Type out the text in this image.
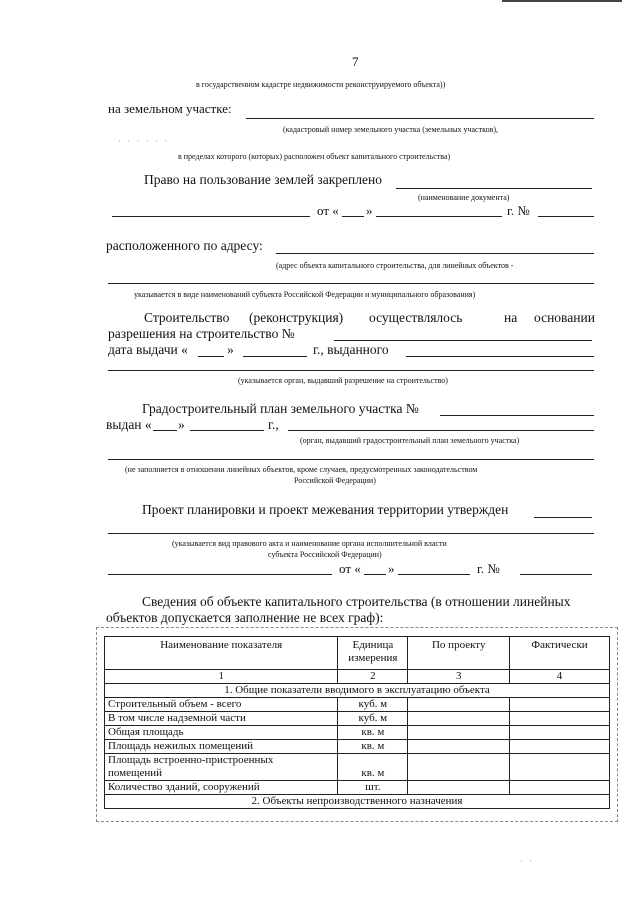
7
в государственном кадастре недвижимости реконструируемого объекта))
на земельном участке:
(кадастровый номер земельного участка (земельных участков),
· · · · · ·
в пределах которого (которых) расположен объект капитального строительства)
Право на пользование землей закреплено
(наименование документа)
от « »	г. №
расположенного по адресу:
(адрес объекта капитального строительства, для линейных объектов -
указывается в виде наименований субъекта Российской Федерации и муниципального образования)
Строительство (реконструкция) осуществлялось	на основании
разрешения на строительство №
дата выдачи «	»	г., выданного
(указывается орган, выдавший разрешение на строительство)
Градостроительный план земельного участка №
выдан « »	г.,
(орган, выдавший градостроительный план земельного участка)
(не заполняется в отношении линейных объектов, кроме случаев, предусмотренных законодательством
Российской Федерации)
Проект планировки и проект межевания территории утвержден
(указывается вид правового акта и наименование органа исполнительной власти
субъекта Российской Федерации)
от « »	г. №
Сведения об объекте капитального строительства (в отношении линейных
объектов допускается заполнение не всех граф):
Наименование показателя	Единица измерения	По проекту	Фактически
1	2	3	4
1. Общие показатели вводимого в эксплуатацию объекта			
Строительный объем - всего	куб. м		
В том числе надземной части	куб. м		
Общая площадь	кв. м		
Площадь нежилых помещений	кв. м		
Площадь встроенно-пристроенных
помещений	кв. м		
Количество зданий, сооружений	шт.		
2. Объекты непроизводственного назначения			
· ·
